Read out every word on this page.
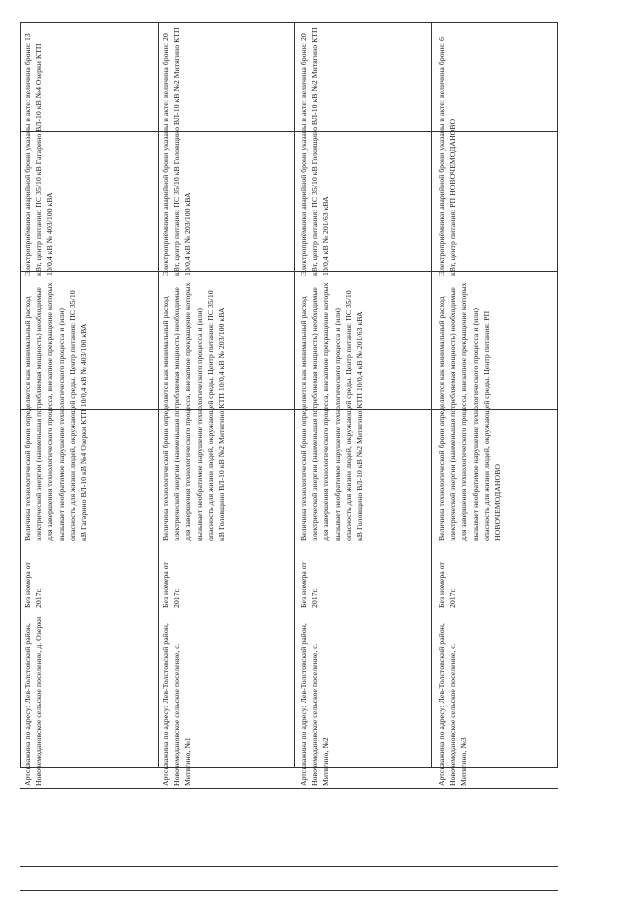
Артскважина по адресу: Лев-Толстовский район, Новочемодановское сельское поселение, д. Озерки
Без номера от 2017г.
Величина технологической брони определяется как минимальный расход электрической энергии (наименьшая потребляемая мощность) необходимые для завершения технологического процесса, внезапное прекращение которых вызывает необратимое нарушение технологического процесса и (или) опасность для жизни людей, окружающей среды. Центр питания: ПС 35/10 кВ Гагарино ВЛ-10 кВ №4 Озерки КТП 10/0,4 кВ № 403/100 кВА
Электроприёмники аварийной брони указаны в акте: величина брони: 13 кВт, центр питания: ПС 35/10 кВ Гагарино ВЛ-10 кВ №4 Озерки КТП 10/0,4 кВ № 403/100 кВА
Артскважина по адресу: Лев-Толстовский район, Новочемодановское сельское поселение, с. Митягино, №1
Без номера от 2017г.
Величина технологической брони определяется как минимальный расход электрической энергии (наименьшая потребляемая мощность) необходимые для завершения технологического процесса, внезапное прекращение которых вызывает необратимое нарушение технологического процесса и (или) опасность для жизни людей, окружающей среды. Центр питания: ПС 35/10 кВ Головщино ВЛ-10 кВ №2 Митягино КТП 10/0,4 кВ № 203/100 кВА
Электроприёмники аварийной брони указаны в акте: величина брони: 20 кВт, центр питания: ПС 35/10 кВ Головщино ВЛ-10 кВ №2 Митягино КТП 10/0,4 кВ № 203/100 кВА
Артскважина по адресу: Лев-Толстовский район, Новочемодановское сельское поселение, с. Митягино, №2
Без номера от 2017г.
Величина технологической брони определяется как минимальный расход электрической энергии (наименьшая потребляемая мощность) необходимые для завершения технологического процесса, внезапное прекращение которых вызывает необратимое нарушение технологического процесса и (или) опасность для жизни людей, окружающей среды. Центр питания: ПС 35/10 кВ Головщино ВЛ-10 кВ №2 Митягино КТП 10/0,4 кВ № 201/63 кВА
Электроприёмники аварийной брони указаны в акте: величина брони: 20 кВт, центр питания: ПС 35/10 кВ Головщино ВЛ-10 кВ №2 Митягино КТП 10/0,4 кВ № 201/63 кВА
Артскважина по адресу: Лев-Толстовский район, Новочемодановское сельское поселение, с. Митягино, №3
Без номера от 2017г.
Величина технологической брони определяется как минимальный расход электрической энергии (наименьшая потребляемая мощность) необходимые для завершения технологического процесса, внезапное прекращение которых вызывает необратимое нарушение технологического процесса и (или) опасность для жизни людей, окружающей среды. Центр питания: РП НОВОЧЕМОДАНОВО
Электроприёмники аварийной брони указаны в акте: величина брони: 6 кВт, центр питания: РП НОВОЧЕМОДАНОВО
